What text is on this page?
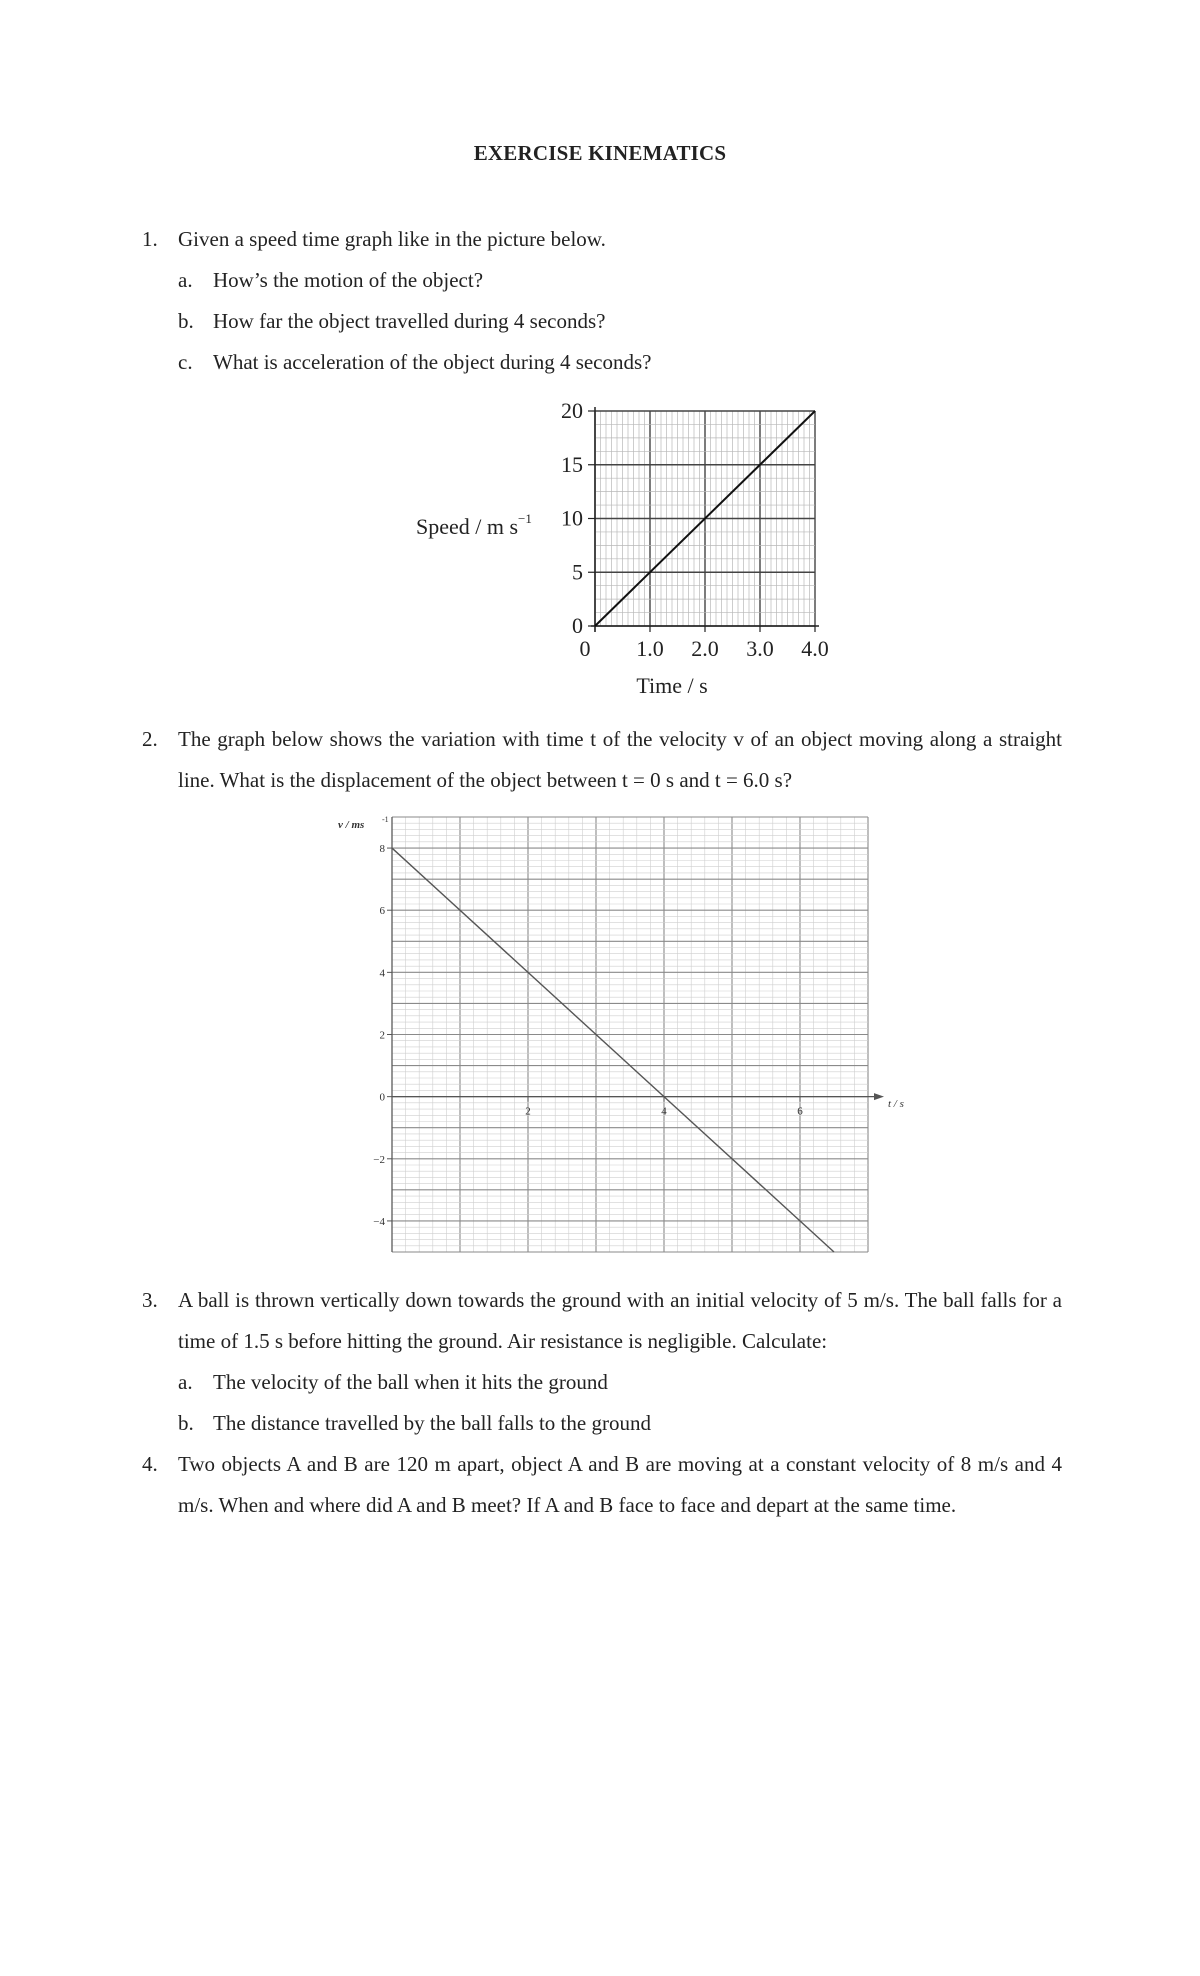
EXERCISE KINEMATICS
1. Given a speed time graph like in the picture below.
a. How’s the motion of the object?
b. How far the object travelled during 4 seconds?
c. What is acceleration of the object during 4 seconds?
0
5
10
15
20
0 1.0 2.0 3.0 4.0
Speed / m s −1
Time / s
2. The graph below shows the variation with time t of the velocity v of an object moving along a straight line. What is the displacement of the object between t = 0 s and t = 6.0 s?
8
6
4
2
0
−2
−4
2	4	6
v / ms -1
t / s
3. A ball is thrown vertically down towards the ground with an initial velocity of 5 m/s. The ball falls for a time of 1.5 s before hitting the ground. Air resistance is negligible. Calculate:
a. The velocity of the ball when it hits the ground
b. The distance travelled by the ball falls to the ground
4. Two objects A and B are 120 m apart, object A and B are moving at a constant velocity of 8 m/s and 4 m/s. When and where did A and B meet? If A and B face to face and depart at the same time.
